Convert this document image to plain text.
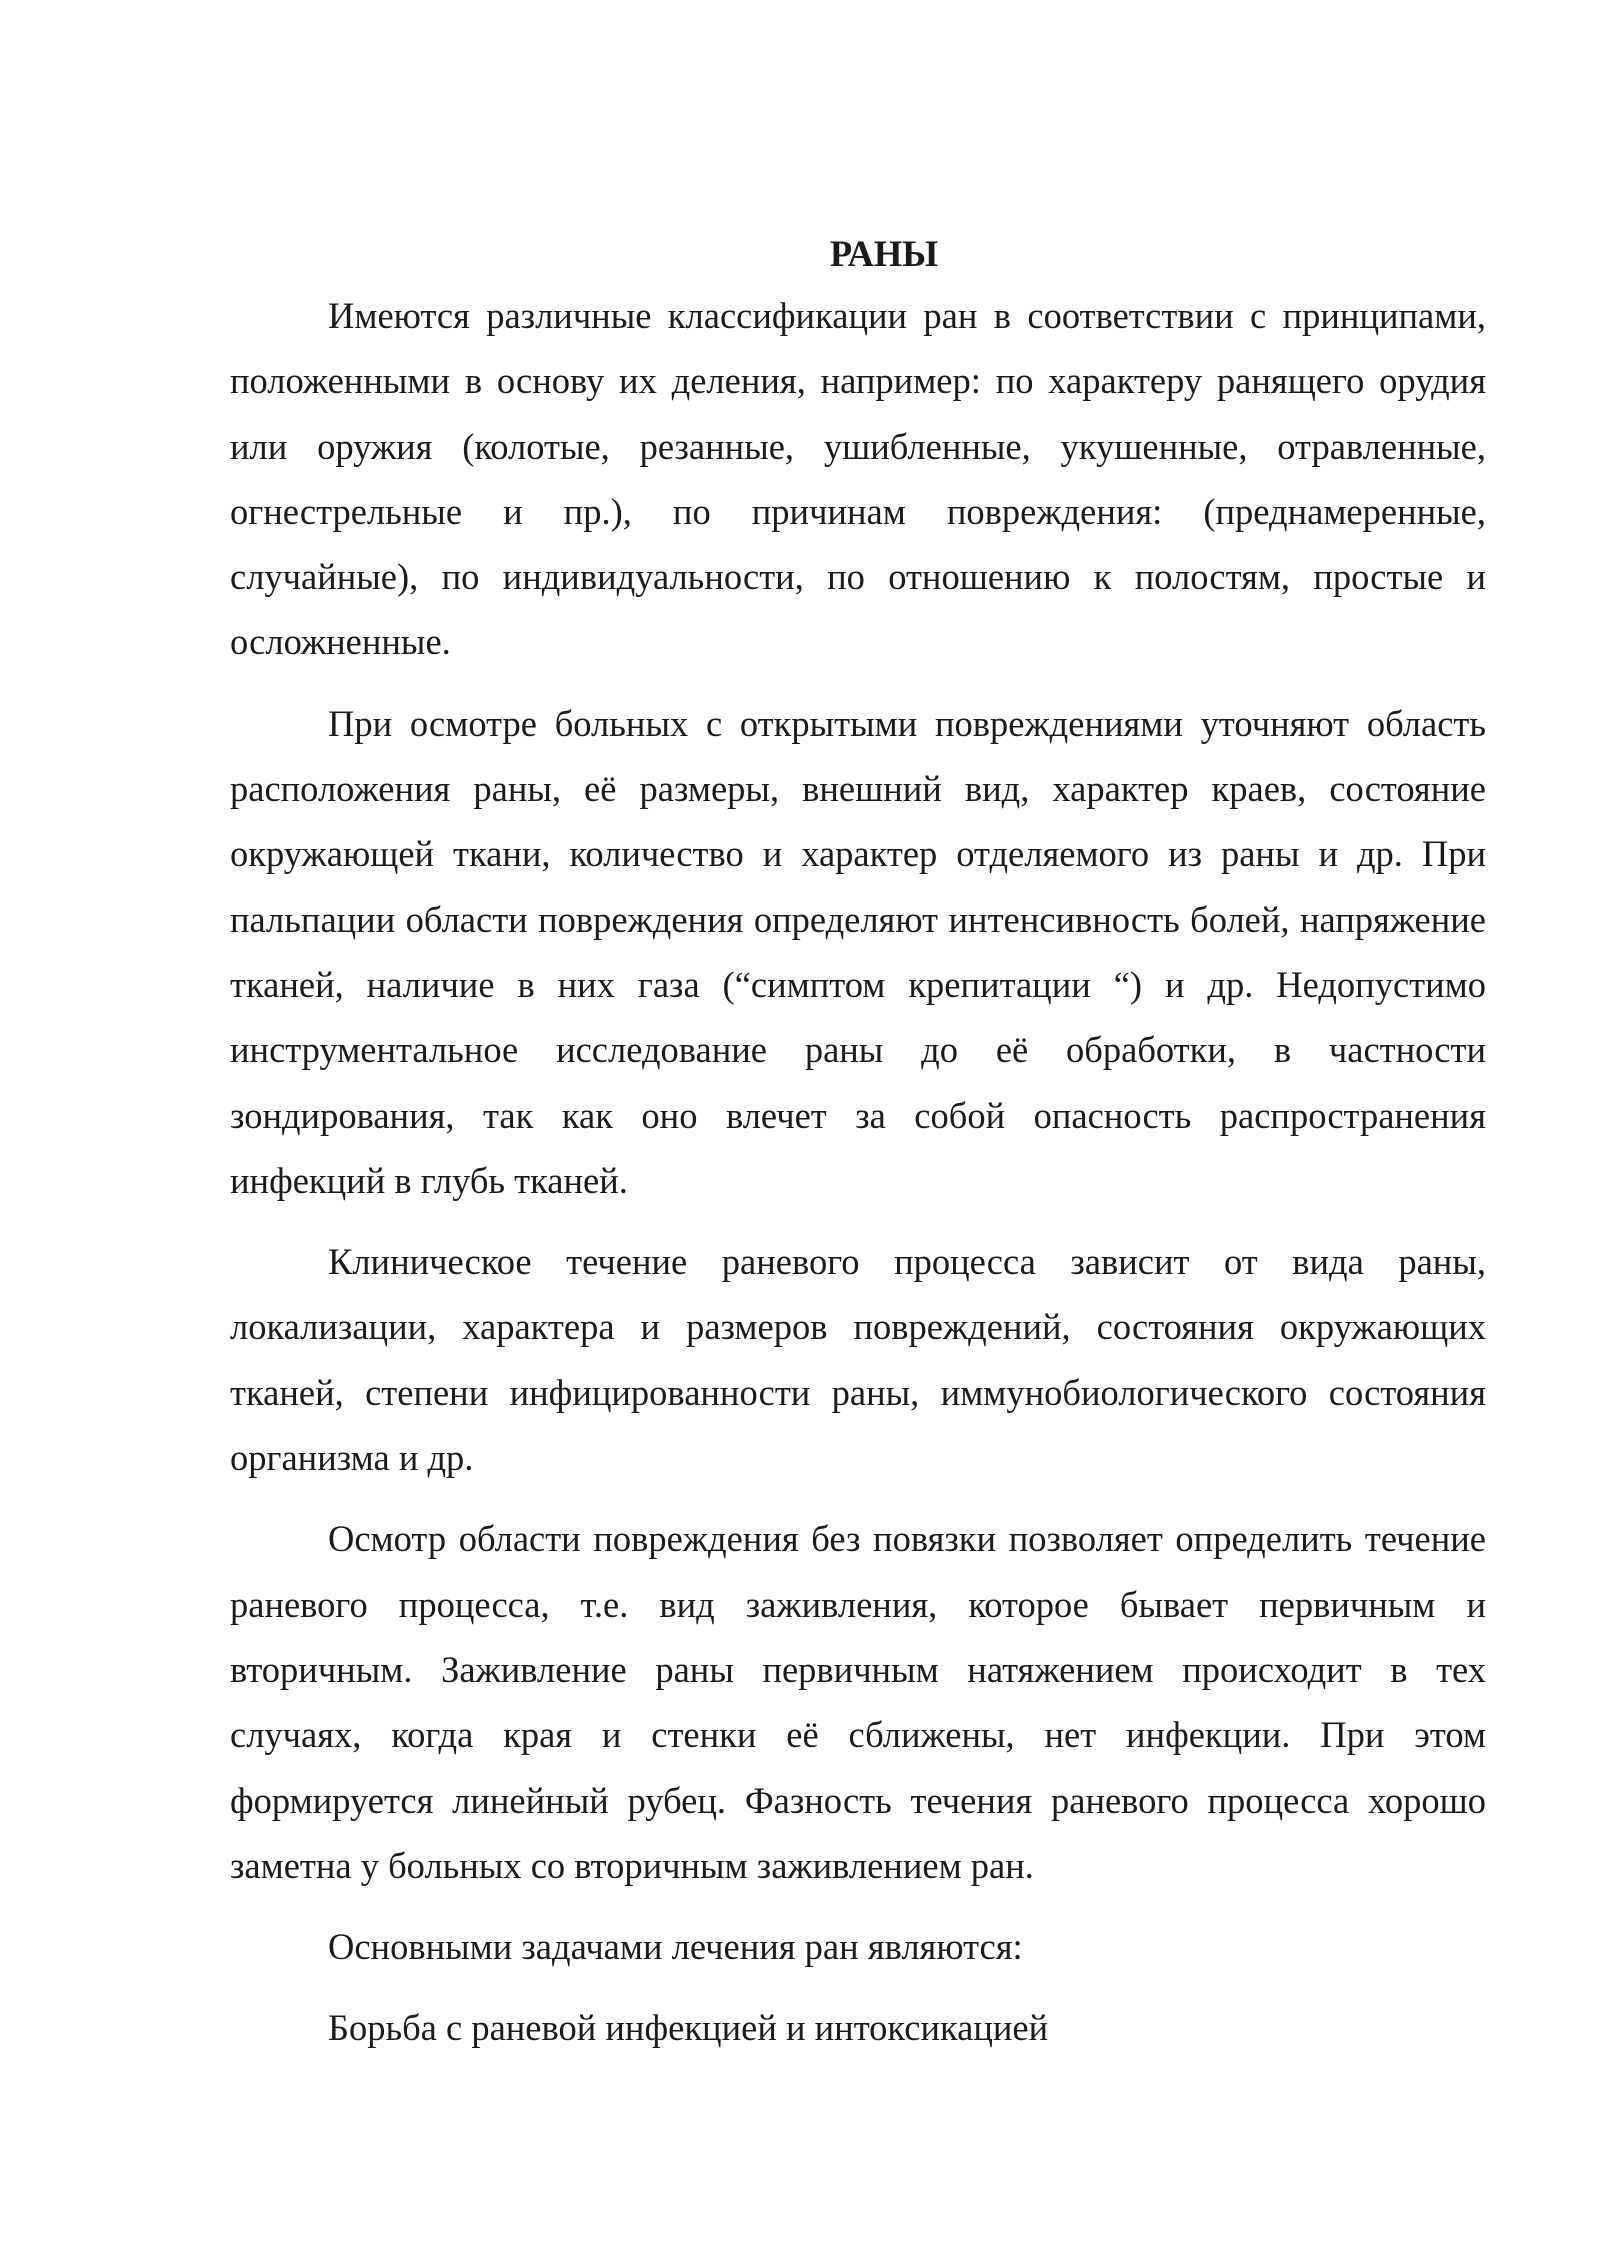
РАНЫ

Имеются различные классификации ран в соответствии с принципами, положенными в основу их деления, например: по характеру ранящего орудия или оружия (колотые, резанные, ушибленные, укушенные, отравленные, огнестрельные и пр.), по причинам повреждения: (преднамеренные, случайные), по индивидуальности, по отношению к полостям, простые и осложненные.

При осмотре больных с открытыми повреждениями уточняют область расположения раны, её размеры, внешний вид, характер краев, состояние окружающей ткани, количество и характер отделяемого из раны и др. При пальпации области повреждения определяют интенсивность болей, напряжение тканей, наличие в них газа (“симптом крепитации “) и др. Недопустимо инструментальное исследование раны до её обработки, в частности зондирования, так как оно влечет за собой опасность распространения инфекций в глубь тканей.

Клиническое течение раневого процесса зависит от вида раны, локализации, характера и размеров повреждений, состояния окружающих тканей, степени инфицированности раны, иммунобиологического состояния организма и др.

Осмотр области повреждения без повязки позволяет определить течение раневого процесса, т.е. вид заживления, которое бывает первичным и вторичным. Заживление раны первичным натяжением происходит в тех случаях, когда края и стенки её сближены, нет инфекции. При этом формируется линейный рубец. Фазность течения раневого процесса хорошо заметна у больных со вторичным заживлением ран.

Основными задачами лечения ран являются:

Борьба с раневой инфекцией и интоксикацией
